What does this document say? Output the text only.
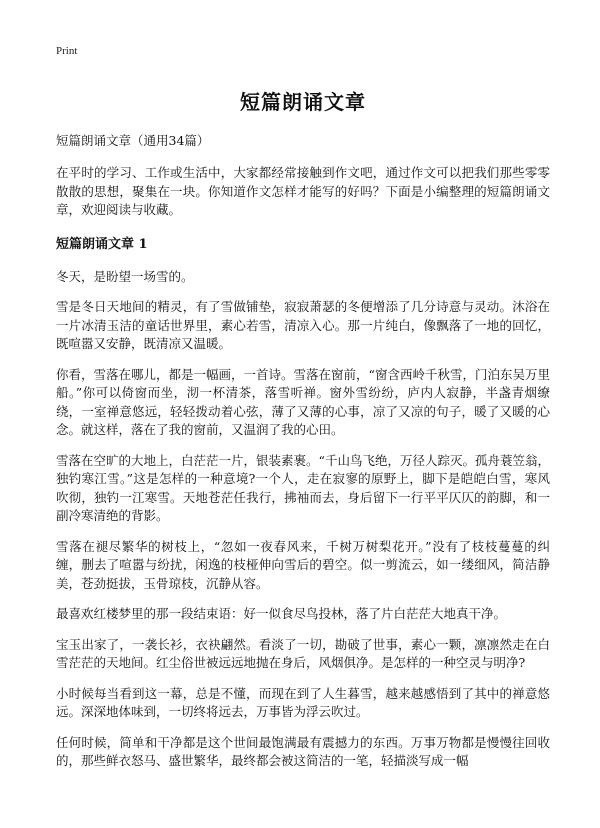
Print
短篇朗诵文章

短篇朗诵文章（通用34篇）

在平时的学习、工作或生活中，大家都经常接触到作文吧，通过作文可以把我们那些零零散散的思想，聚集在一块。你知道作文怎样才能写的好吗？下面是小编整理的短篇朗诵文章，欢迎阅读与收藏。

短篇朗诵文章 1

冬天，是盼望一场雪的。

雪是冬日天地间的精灵，有了雪做铺垫，寂寂萧瑟的冬便增添了几分诗意与灵动。沐浴在一片冰清玉洁的童话世界里，素心若雪，清凉入心。那一片纯白，像飘落了一地的回忆，既喧嚣又安静，既清凉又温暖。

你看，雪落在哪儿，都是一幅画，一首诗。雪落在窗前，“窗含西岭千秋雪，门泊东吴万里船。”你可以倚窗而坐，沏一杯清茶，落雪听禅。窗外雪纷纷，庐内人寂静，半盏青烟缭绕，一室禅意悠远，轻轻拨动着心弦，薄了又薄的心事，凉了又凉的句子，暖了又暖的心念。就这样，落在了我的窗前，又温润了我的心田。

雪落在空旷的大地上，白茫茫一片，银装素裹。“千山鸟飞绝，万径人踪灭。孤舟蓑笠翁，独钓寒江雪。”这是怎样的一种意境?一个人，走在寂寥的原野上，脚下是皑皑白雪，寒风吹彻，独钓一江寒雪。天地苍茫任我行，拂袖而去，身后留下一行平平仄仄的韵脚，和一副冷寒清绝的背影。

雪落在褪尽繁华的树枝上，“忽如一夜春风来，千树万树梨花开。”没有了枝枝蔓蔓的纠缠，删去了喧嚣与纷扰，闲逸的枝桠伸向雪后的碧空。似一剪流云，如一缕细风，简洁静美，苍劲挺拔，玉骨琼枝，沉静从容。

最喜欢红楼梦里的那一段结束语：好一似食尽鸟投林，落了片白茫茫大地真干净。

宝玉出家了，一袭长衫，衣袂翩然。看淡了一切，勘破了世事，素心一颗，凛凛然走在白雪茫茫的天地间。红尘俗世被远远地抛在身后，风烟俱净。是怎样的一种空灵与明净?

小时候每当看到这一幕，总是不懂，而现在到了人生暮雪，越来越感悟到了其中的禅意悠远。深深地体味到，一切终将远去，万事皆为浮云吹过。

任何时候，简单和干净都是这个世间最饱满最有震撼力的东西。万事万物都是慢慢往回收的，那些鲜衣怒马、盛世繁华，最终都会被这简洁的一笔，轻描淡写成一幅
